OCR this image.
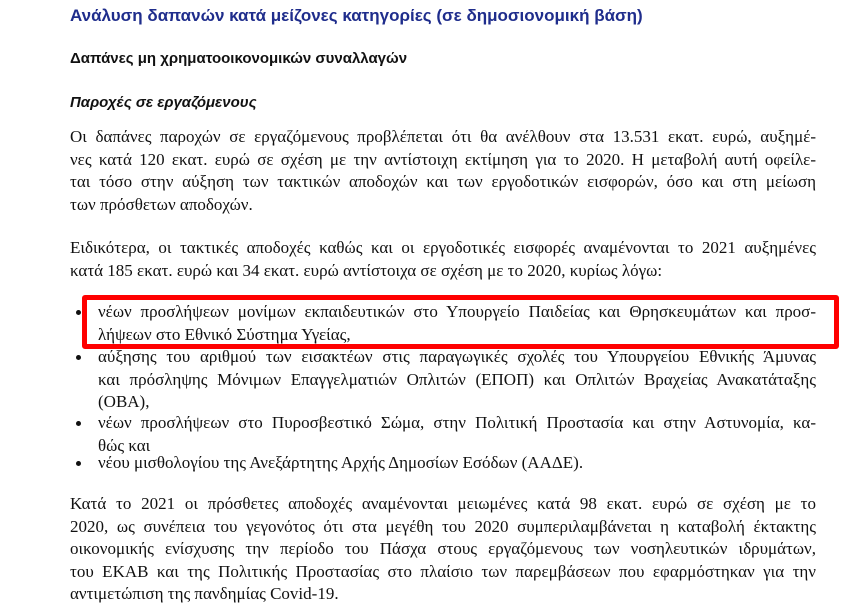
Ανάλυση δαπανών κατά μείζονες κατηγορίες (σε δημοσιονομική βάση)
Δαπάνες μη χρηματοοικονομικών συναλλαγών
Παροχές σε εργαζόμενους
Οι δαπάνες παροχών σε εργαζόμενους προβλέπεται ότι θα ανέλθουν στα 13.531 εκατ. ευρώ, αυξημέ-
νες κατά 120 εκατ. ευρώ σε σχέση με την αντίστοιχη εκτίμηση για το 2020. Η μεταβολή αυτή οφείλε-
ται τόσο στην αύξηση των τακτικών αποδοχών και των εργοδοτικών εισφορών, όσο και στη μείωση
των πρόσθετων αποδοχών.
Ειδικότερα, οι τακτικές αποδοχές καθώς και οι εργοδοτικές εισφορές αναμένονται το 2021 αυξημένες
κατά 185 εκατ. ευρώ και 34 εκατ. ευρώ αντίστοιχα σε σχέση με το 2020, κυρίως λόγω:
νέων προσλήψεων μονίμων εκπαιδευτικών στο Υπουργείο Παιδείας και Θρησκευμάτων και προσ-
λήψεων στο Εθνικό Σύστημα Υγείας,
αύξησης του αριθμού των εισακτέων στις παραγωγικές σχολές του Υπουργείου Εθνικής Άμυνας
και πρόσληψης Μόνιμων Επαγγελματιών Οπλιτών (ΕΠΟΠ) και Οπλιτών Βραχείας Ανακατάταξης
(ΟΒΑ),
νέων προσλήψεων στο Πυροσβεστικό Σώμα, στην Πολιτική Προστασία και στην Αστυνομία, κα-
θώς και
νέου μισθολογίου της Ανεξάρτητης Αρχής Δημοσίων Εσόδων (ΑΑΔΕ).
Κατά το 2021 οι πρόσθετες αποδοχές αναμένονται μειωμένες κατά 98 εκατ. ευρώ σε σχέση με το
2020, ως συνέπεια του γεγονότος ότι στα μεγέθη του 2020 συμπεριλαμβάνεται η καταβολή έκτακτης
οικονομικής ενίσχυσης την περίοδο του Πάσχα στους εργαζόμενους των νοσηλευτικών ιδρυμάτων,
του ΕΚΑΒ και της Πολιτικής Προστασίας στο πλαίσιο των παρεμβάσεων που εφαρμόστηκαν για την
αντιμετώπιση της πανδημίας Covid-19.
